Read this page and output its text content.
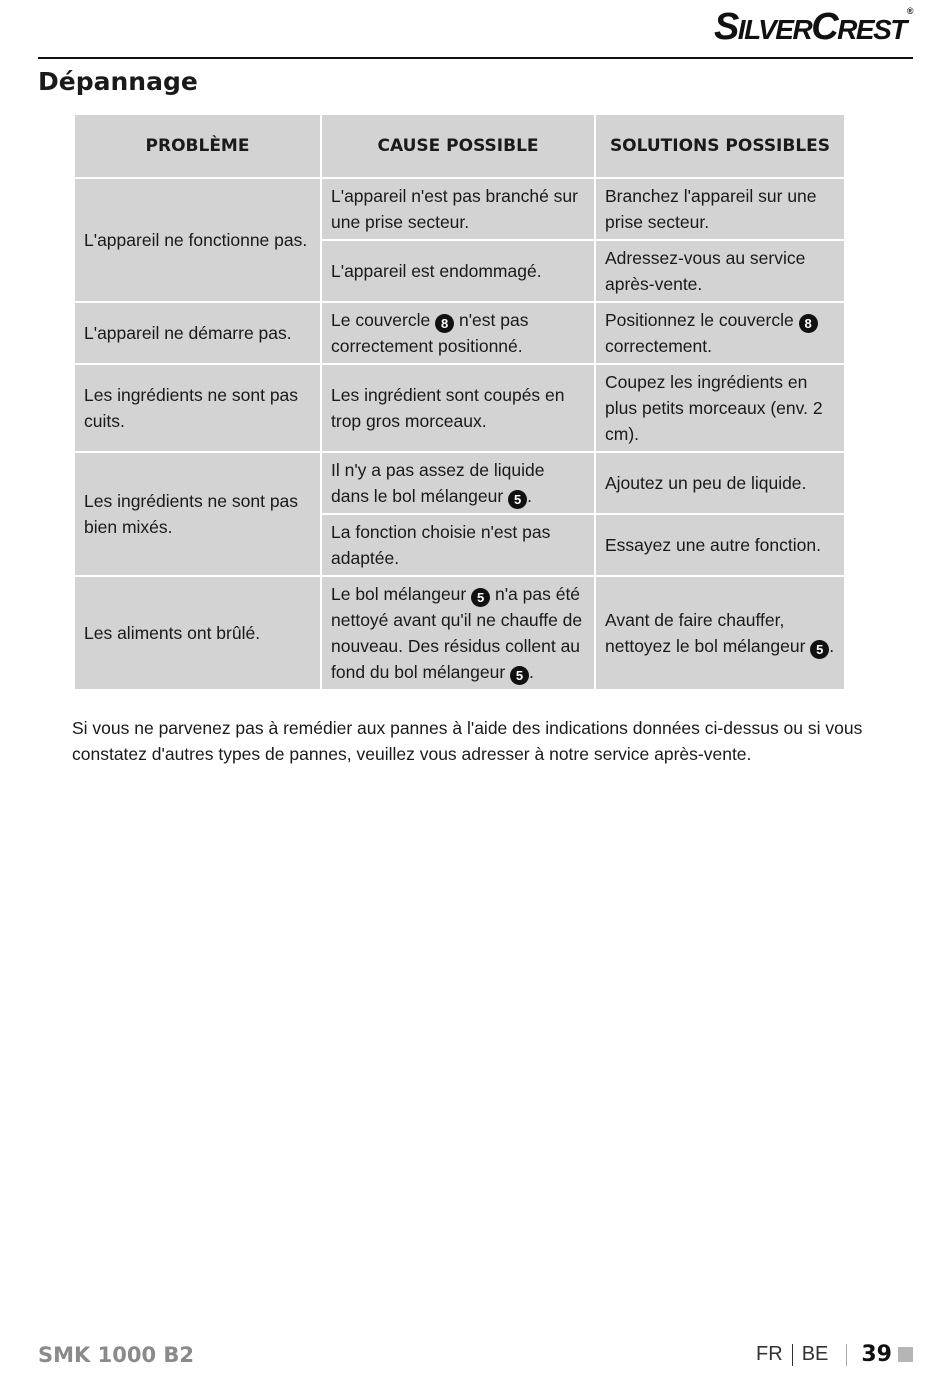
SILVERCREST®
Dépannage
PROBLÈME	CAUSE POSSIBLE	SOLUTIONS POSSIBLES
L'appareil ne fonctionne pas.	L'appareil n'est pas branché sur une prise secteur.	Branchez l'appareil sur une prise secteur.
	L'appareil est endommagé.	Adressez-vous au service après-vente.
L'appareil ne démarre pas.	Le couvercle 8 n'est pas correctement positionné.	Positionnez le couvercle 8 correctement.
Les ingrédients ne sont pas cuits.	Les ingrédient sont coupés en trop gros morceaux.	Coupez les ingrédients en plus petits morceaux (env. 2 cm).
Les ingrédients ne sont pas bien mixés.	Il n'y a pas assez de liquide dans le bol mélangeur 5 .	Ajoutez un peu de liquide.
	La fonction choisie n'est pas adaptée.	Essayez une autre fonction.
Les aliments ont brûlé.	Le bol mélangeur 5 n'a pas été nettoyé avant qu'il ne chauffe de nouveau. Des résidus collent au fond du bol mélangeur 5 .	Avant de faire chauffer, nettoyez le bol mélangeur 5 .

Si vous ne parvenez pas à remédier aux pannes à l'aide des indications données ci-dessus ou si vous constatez d'autres types de pannes, veuillez vous adresser à notre service après-vente.

SMK 1000 B2	FR BE 39
